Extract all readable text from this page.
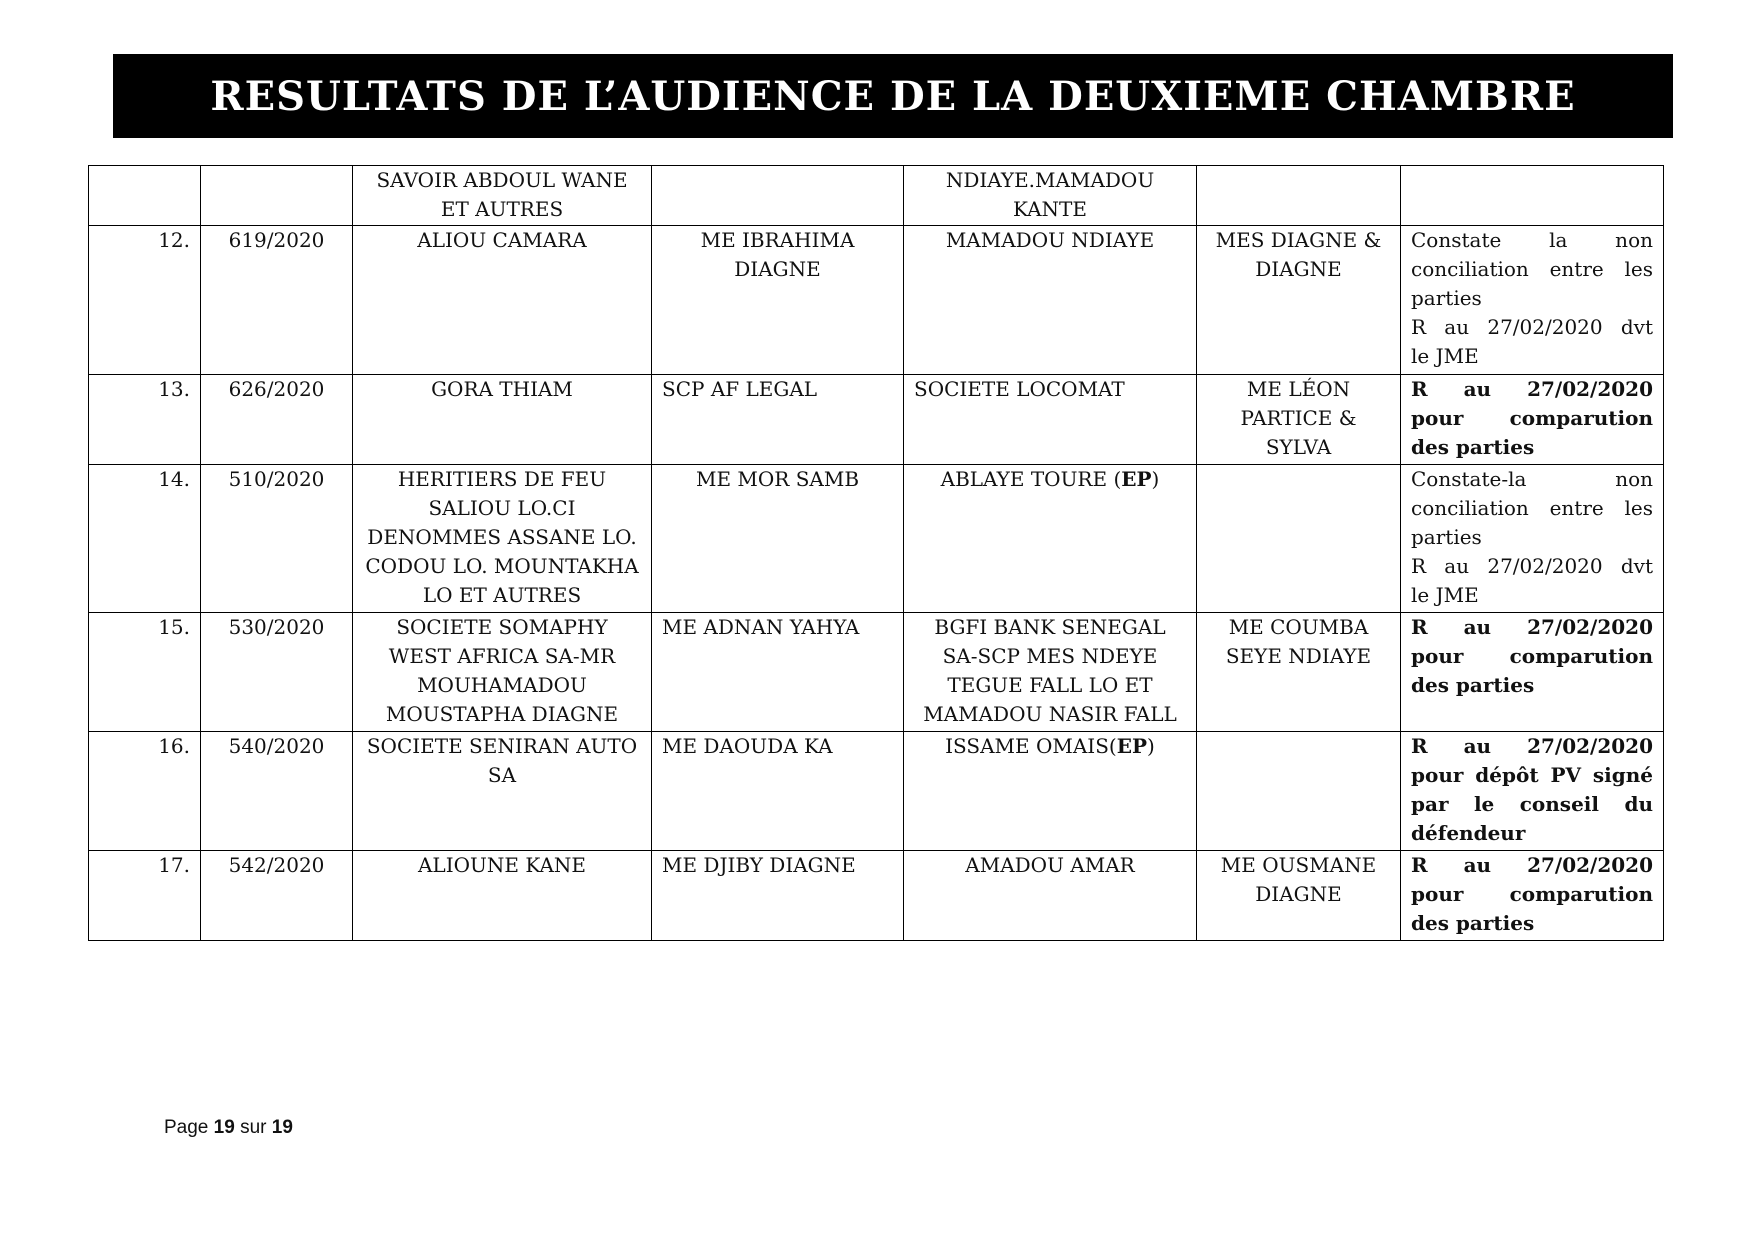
RESULTATS DE L’AUDIENCE DE LA DEUXIEME CHAMBRE

		SAVOIR ABDOUL WANE
ET AUTRES		NDIAYE.MAMADOU
KANTE		

12.	619/2020	ALIOU CAMARA	ME IBRAHIMA
DIAGNE	MAMADOU NDIAYE	MES DIAGNE &
DIAGNE	Constate la non
conciliation entre les
parties
R au 27/02/2020 dvt
le JME

13.	626/2020	GORA THIAM	SCP AF LEGAL	SOCIETE LOCOMAT	ME LÉON
PARTICE &
SYLVA	R au 27/02/2020
pour comparution
des parties

14.	510/2020	HERITIERS DE FEU
SALIOU LO.CI
DENOMMES ASSANE LO.
CODOU LO. MOUNTAKHA
LO ET AUTRES	ME MOR SAMB	ABLAYE TOURE (EP)		Constate-la non
conciliation entre les
parties
R au 27/02/2020 dvt
le JME

15.	530/2020	SOCIETE SOMAPHY
WEST AFRICA SA-MR
MOUHAMADOU
MOUSTAPHA DIAGNE	ME ADNAN YAHYA	BGFI BANK SENEGAL
SA-SCP MES NDEYE
TEGUE FALL LO ET
MAMADOU NASIR FALL	ME COUMBA
SEYE NDIAYE	R au 27/02/2020
pour comparution
des parties

16.	540/2020	SOCIETE SENIRAN AUTO
SA	ME DAOUDA KA	ISSAME OMAIS(EP)		R au 27/02/2020
pour dépôt PV signé
par le conseil du
défendeur

17.	542/2020	ALIOUNE KANE	ME DJIBY DIAGNE	AMADOU AMAR	ME OUSMANE
DIAGNE	R au 27/02/2020
pour comparution
des parties
Page 19 sur 19
